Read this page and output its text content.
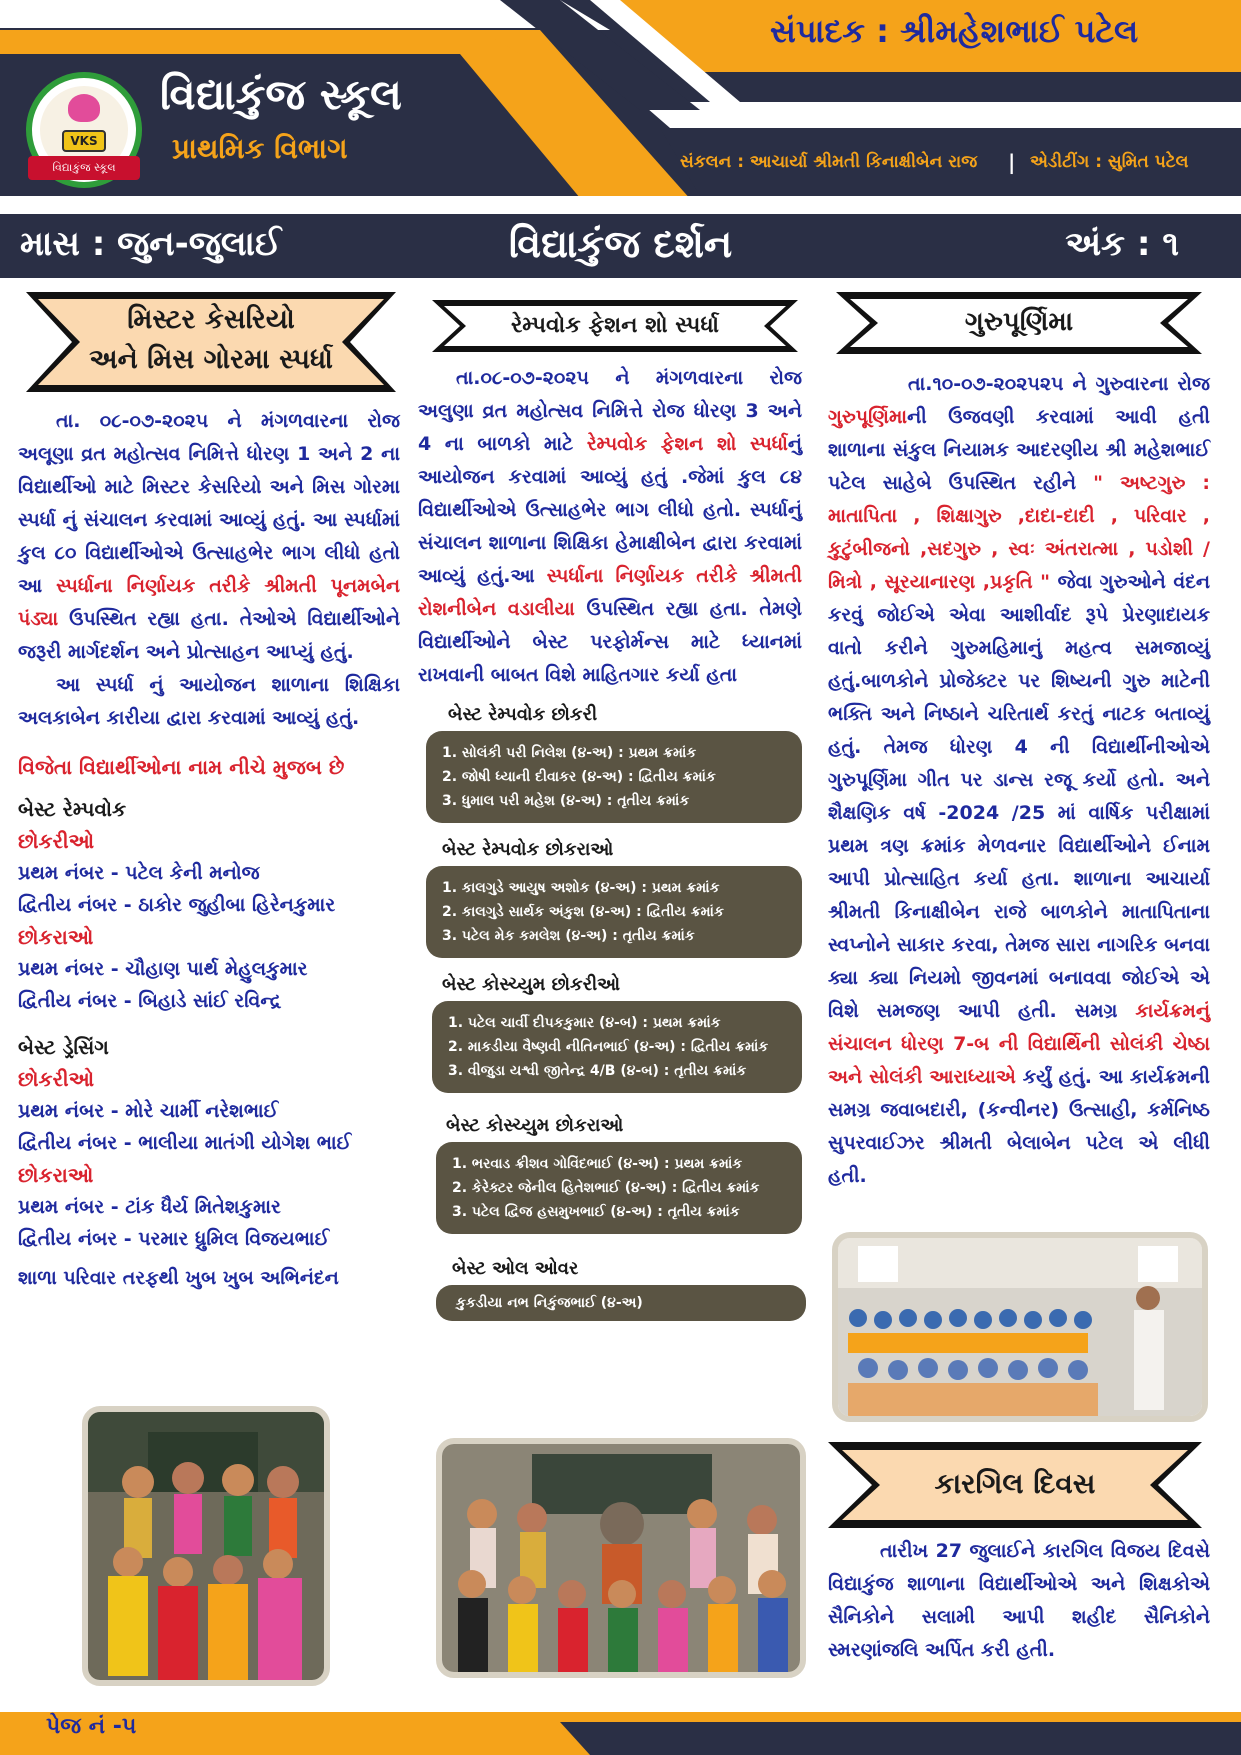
VKS
વિદ્યાકુંજ સ્કૂલ
વિદ્યાકુંજ સ્કૂલ
પ્રાથમિક વિભાગ
સંપાદક : શ્રીમહેશભાઈ પટેલ
સંકલન : આચાર્યા શ્રીમતી કિનાક્ષીબેન રાજ | એડીટીંગ : સુમિત પટેલ
વિદ્યાકુંજ દર્શન
માસ : જુન-જુલાઈ	અંક : ૧
મિસ્ટર કેસરિયો
અને મિસ ગોરમા સ્પર્ધા

તા. ૦૮-૦૭-૨૦૨૫ ને મંગળવારના રોજ અલૂણા વ્રત મહોત્સવ નિમિત્તે ધોરણ 1 અને 2 ના વિદ્યાર્થીઓ માટે મિસ્ટર કેસરિયો અને મિસ ગોરમા સ્પર્ધા નું સંચાલન કરવામાં આવ્યું હતું. આ સ્પર્ધામાં કુલ ૮૦ વિદ્યાર્થીઓએ ઉત્સાહભેર ભાગ લીધો હતો આ સ્પર્ધાના નિર્ણાયક તરીકે શ્રીમતી પૂનમબેન પંડ્યા ઉપસ્થિત રહ્યા હતા. તેઓએ વિદ્યાર્થીઓને જરૂરી માર્ગદર્શન અને પ્રોત્સાહન આપ્યું હતું.

આ સ્પર્ધા નું આયોજન શાળાના શિક્ષિકા અલકાબેન કારીયા દ્વારા કરવામાં આવ્યું હતું.

વિજેતા વિદ્યાર્થીઓના નામ નીચે મુજબ છે
બેસ્ટ રેમ્પવોક
છોકરીઓ
પ્રથમ નંબર - પટેલ કેની મનોજ
દ્વિતીય નંબર - ઠાકોર જુહીબા હિરેનકુમાર
છોકરાઓ
પ્રથમ નંબર - ચૌહાણ પાર્થ મેહુલકુમાર
દ્વિતીય નંબર - બિહાડે સાંઈ રવિન્દ્ર
બેસ્ટ ડ્રેસિંગ
છોકરીઓ
પ્રથમ નંબર - મોરે ચાર્મી નરેશભાઈ
દ્વિતીય નંબર - ભાલીયા માતંગી યોગેશ ભાઈ
છોકરાઓ
પ્રથમ નંબર - ટાંક ધૈર્ય મિતેશકુમાર
દ્વિતીય નંબર - પરમાર ધ્રુમિલ વિજયભાઈ
શાળા પરિવાર તરફથી ખુબ ખુબ અભિનંદન
રેમ્પવોક ફેશન શો સ્પર્ધા

તા.૦૮-૦૭-૨૦૨૫ ને મંગળવારના રોજ અલુણા વ્રત મહોત્સવ નિમિત્તે રોજ ધોરણ 3 અને 4 ના બાળકો માટે રેમ્પવોક ફેશન શો સ્પર્ધાનું આયોજન કરવામાં આવ્યું હતું .જેમાં કુલ ૮૪ વિદ્યાર્થીઓએ ઉત્સાહભેર ભાગ લીધો હતો. સ્પર્ધાનું સંચાલન શાળાના શિક્ષિકા હેમાક્ષીબેન દ્વારા કરવામાં આવ્યું હતું.આ સ્પર્ધાના નિર્ણાયક તરીકે શ્રીમતી રોશનીબેન વડાલીયા ઉપસ્થિત રહ્યા હતા. તેમણે વિદ્યાર્થીઓને બેસ્ટ પરફોર્મન્સ માટે ધ્યાનમાં રાખવાની બાબત વિશે માહિતગાર કર્યા હતા

બેસ્ટ રેમ્પવોક છોકરી
1. સોલંકી પરી નિલેશ (૪-અ) : પ્રથમ ક્રમાંક
2. જોષી ધ્યાની દીવાકર (૪-અ) : દ્વિતીય ક્રમાંક
3. ધુમાલ પરી મહેશ (૪-અ) : તૃતીય ક્રમાંક
બેસ્ટ રેમ્પવોક છોકરાઓ
1. કાલગુડે આયુષ અશોક (૪-અ) : પ્રથમ ક્રમાંક
2. કાલગુડે સાર્થક અંકુશ (૪-અ) : દ્વિતીય ક્રમાંક
3. પટેલ મેક કમલેશ (૪-અ) : તૃતીય ક્રમાંક
બેસ્ટ કોસ્ચ્યુમ છોકરીઓ
1. પટેલ ચાર્વી દીપકકુમાર (૪-બ) : પ્રથમ ક્રમાંક
2. માકડીયા વૈષ્ણવી નીતિનભાઈ (૪-અ) : દ્વિતીય ક્રમાંક
3. વીજુડા યશ્વી જીતેન્દ્ર 4/B (૪-બ) : તૃતીય ક્રમાંક
બેસ્ટ કોસ્ચ્યુમ છોકરાઓ
1. ભરવાડ ક્રીશવ ગોવિંદભાઈ (૪-અ) : પ્રથમ ક્રમાંક
2. કેરેક્ટર જેનીલ હિતેશભાઈ (૪-અ) : દ્વિતીય ક્રમાંક
3. પટેલ દ્વિજ હસમુખભાઈ (૪-અ) : તૃતીય ક્રમાંક
બેસ્ટ ઓલ ઓવર
કુકડીયા નભ નિકુંજભાઈ (૪-અ)
ગુરુપૂર્ણિમા

તા.૧૦-૦૭-૨૦૨૫૨૫ ને ગુરુવારના રોજ ગુરુપૂર્ણિમાની ઉજવણી કરવામાં આવી હતી શાળાના સંકુલ નિયામક આદરણીય શ્રી મહેશભાઈ પટેલ સાહેબે ઉપસ્થિત રહીને " અષ્ટગુરુ : માતાપિતા , શિક્ષાગુરુ ,દાદા-દાદી , પરિવાર , કુટુંબીજનો ,સદગુરુ , સ્વઃ અંતરાત્મા , પડોશી / મિત્રો , સૂરયાનારણ ,પ્રકૃતિ " જેવા ગુરુઓને વંદન કરવું જોઈએ એવા આશીર્વાદ રૂપે પ્રેરણાદાયક વાતો કરીને ગુરુમહિમાનું મહત્વ સમજાવ્યું હતું.બાળકોને પ્રોજેક્ટર પર શિષ્યની ગુરુ માટેની ભક્તિ અને નિષ્ઠાને ચરિતાર્થ કરતું નાટક બતાવ્યું હતું. તેમજ ધોરણ 4 ની વિદ્યાર્થીનીઓએ ગુરુપૂર્ણિમા ગીત પર ડાન્સ રજૂ કર્યો હતો. અને શૈક્ષણિક વર્ષ -2024 /25 માં વાર્ષિક પરીક્ષામાં પ્રથમ ત્રણ ક્રમાંક મેળવનાર વિદ્યાર્થીઓને ઈનામ આપી પ્રોત્સાહિત કર્યા હતા. શાળાના આચાર્યા શ્રીમતી કિનાક્ષીબેન રાજે બાળકોને માતાપિતાના સ્વપ્નોને સાકાર કરવા, તેમજ સારા નાગરિક બનવા ક્યા ક્યા નિયમો જીવનમાં બનાવવા જોઈએ એ વિશે સમજણ આપી હતી. સમગ્ર કાર્યક્રમનું સંચાલન ધોરણ 7-બ ની વિદ્યાર્થિની સોલંકી ચેષ્ઠા અને સોલંકી આરાધ્યાએ કર્યું હતું. આ કાર્યક્રમની સમગ્ર જવાબદારી, (કન્વીનર) ઉત્સાહી, કર્મનિષ્ઠ સુપરવાઈઝર શ્રીમતી બેલાબેન પટેલ એ લીધી હતી.

કારગિલ દિવસ

તારીખ 27 જુલાઈને કારગિલ વિજય દિવસે વિદ્યાકુંજ શાળાના વિદ્યાર્થીઓએ અને શિક્ષકોએ સૈનિકોને સલામી આપી શહીદ સૈનિકોને સ્મરણાંજલિ અર્પિત કરી હતી.

પેજ નં -૫
